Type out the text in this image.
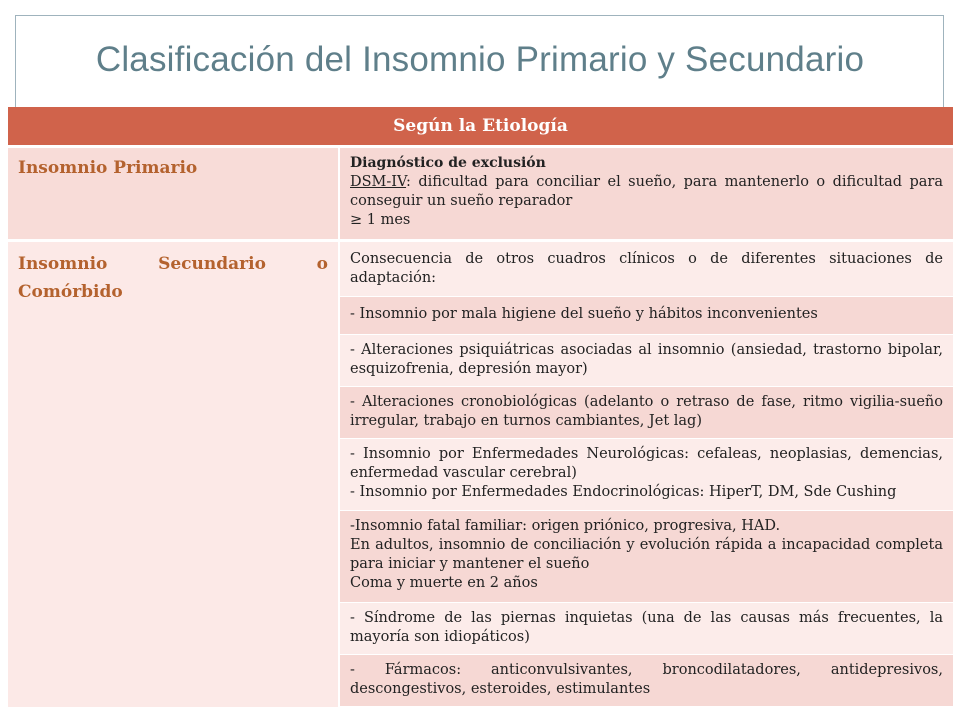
Clasificación del Insomnio Primario y Secundario
Según la Etiología	
Insomnio Primario	Diagnóstico de exclusión
DSM-IV: dificultad para conciliar el sueño, para mantenerlo o dificultad para conseguir un sueño reparador
≥ 1 mes

Insomnio Secundario o
Comórbido	Consecuencia de otros cuadros clínicos o de diferentes situaciones de adaptación:
	- Insomnio por mala higiene del sueño y hábitos inconvenientes
	- Alteraciones psiquiátricas asociadas al insomnio (ansiedad, trastorno bipolar, esquizofrenia, depresión mayor)
	- Alteraciones cronobiológicas (adelanto o retraso de fase, ritmo vigilia-sueño irregular, trabajo en turnos cambiantes, Jet lag)

	- Insomnio por Enfermedades Neurológicas: cefaleas, neoplasias, demencias, enfermedad vascular cerebral)
- Insomnio por Enfermedades Endocrinológicas: HiperT, DM, Sde Cushing

	-Insomnio fatal familiar: origen priónico, progresiva, HAD.
En adultos, insomnio de conciliación y evolución rápida a incapacidad completa para iniciar y mantener el sueño
Coma y muerte en 2 años

	- Síndrome de las piernas inquietas (una de las causas más frecuentes, la mayoría son idiopáticos)
	- Fármacos: anticonvulsivantes, broncodilatadores, antidepresivos, descongestivos, esteroides, estimulantes
